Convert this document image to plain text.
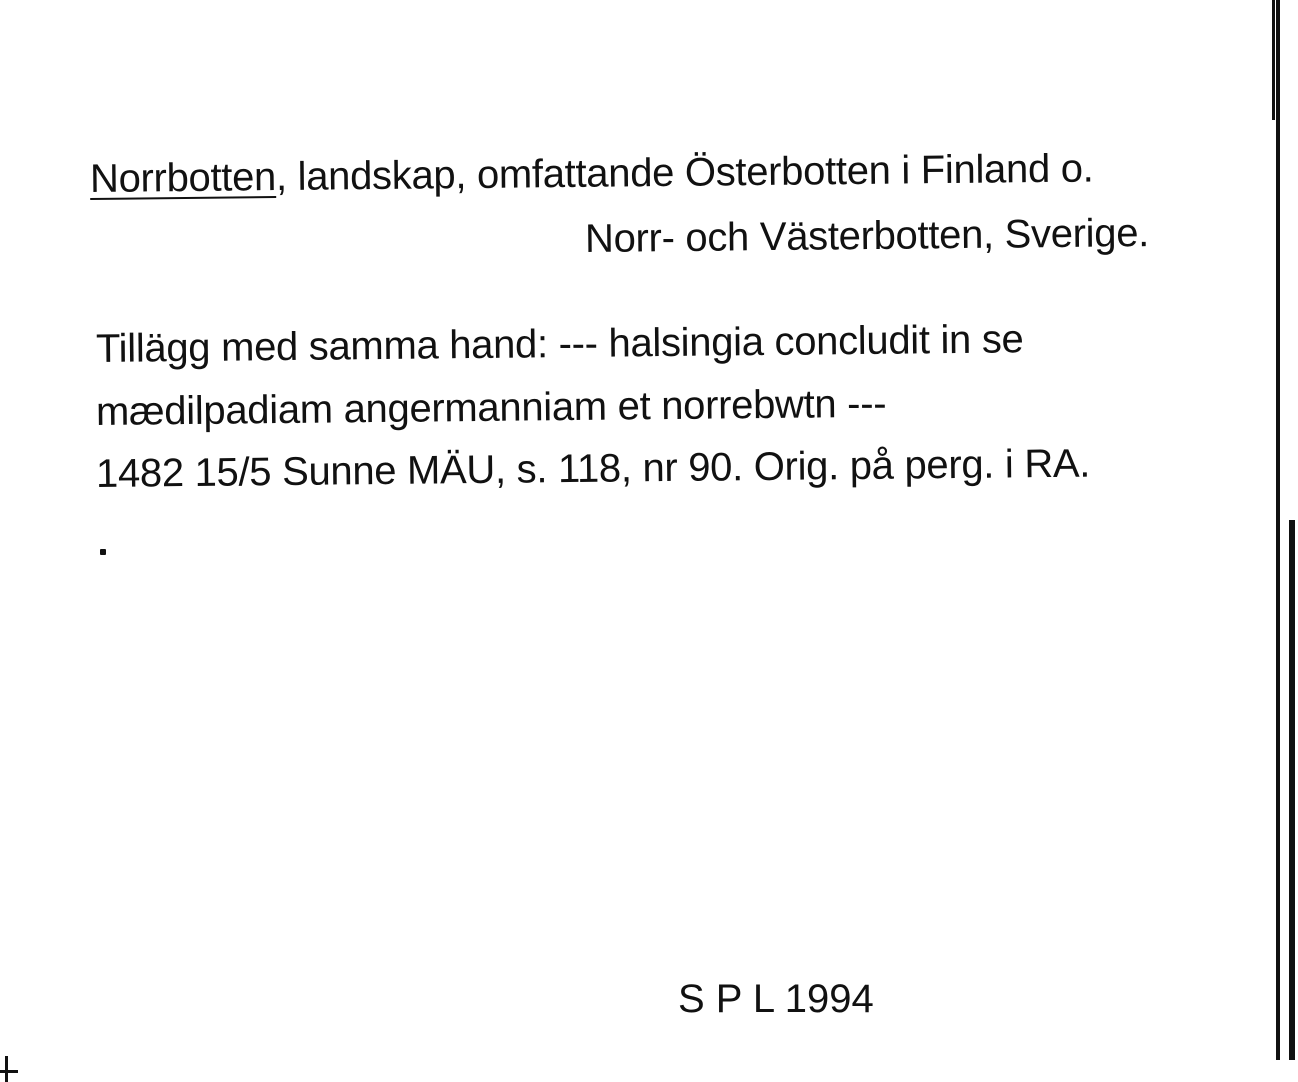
Norrbotten, landskap, omfattande Österbotten i Finland o.
Norr- och Västerbotten, Sverige.
Tillägg med samma hand: --- halsingia concludit in se
mædilpadiam angermanniam et norrebwtn ---
1482 15/5 Sunne MÄU, s. 118, nr 90. Orig. på perg. i RA.
S P L 1994
